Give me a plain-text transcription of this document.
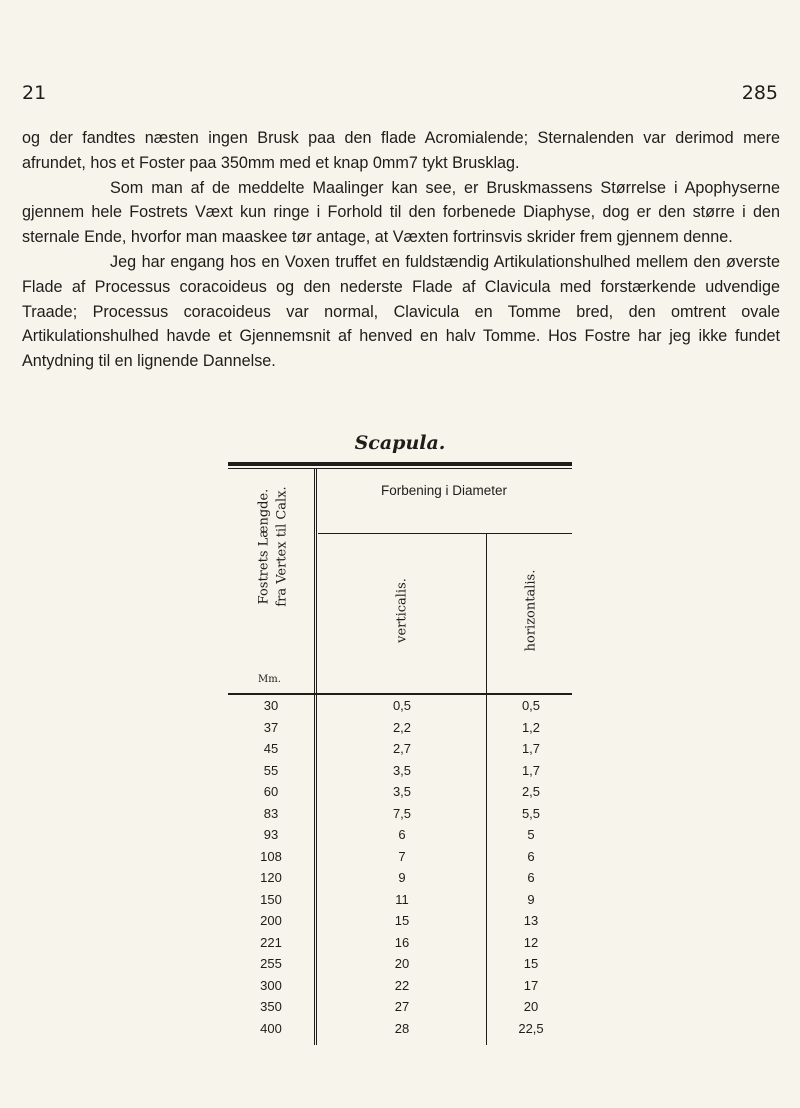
21	285

og der fandtes næsten ingen Brusk paa den flade Acromialende; Sternalenden var derimod mere afrundet, hos et Foster paa 350mm med et knap 0mm7 tykt Brusklag.

Som man af de meddelte Maalinger kan see, er Bruskmassens Størrelse i Apophyserne gjennem hele Fostrets Væxt kun ringe i Forhold til den forbenede Diaphyse, dog er den større i den sternale Ende, hvorfor man maaskee tør antage, at Væxten fortrinsvis skrider frem gjennem denne.

Jeg har engang hos en Voxen truffet en fuldstændig Artikulationshulhed mellem den øverste Flade af Processus coracoideus og den nederste Flade af Clavicula med forstærkende udvendige Traade; Processus coracoideus var normal, Clavicula en Tomme bred, den omtrent ovale Artikulationshulhed havde et Gjennemsnit af henved en halv Tomme. Hos Fostre har jeg ikke fundet Antydning til en lignende Dannelse.

Scapula.
Fostrets Længde. fra Vertex til Calx.
Mm.
Forbening i Diameter
verticalis.	horizontalis.
30	0,5	0,5
37	2,2	1,2
45	2,7	1,7
55	3,5	1,7
60	3,5	2,5
83	7,5	5,5
93	6	5
108	7	6
120	9	6
150	11	9
200	15	13
221	16	12
255	20	15
300	22	17
350	27	20
400	28	22,5
